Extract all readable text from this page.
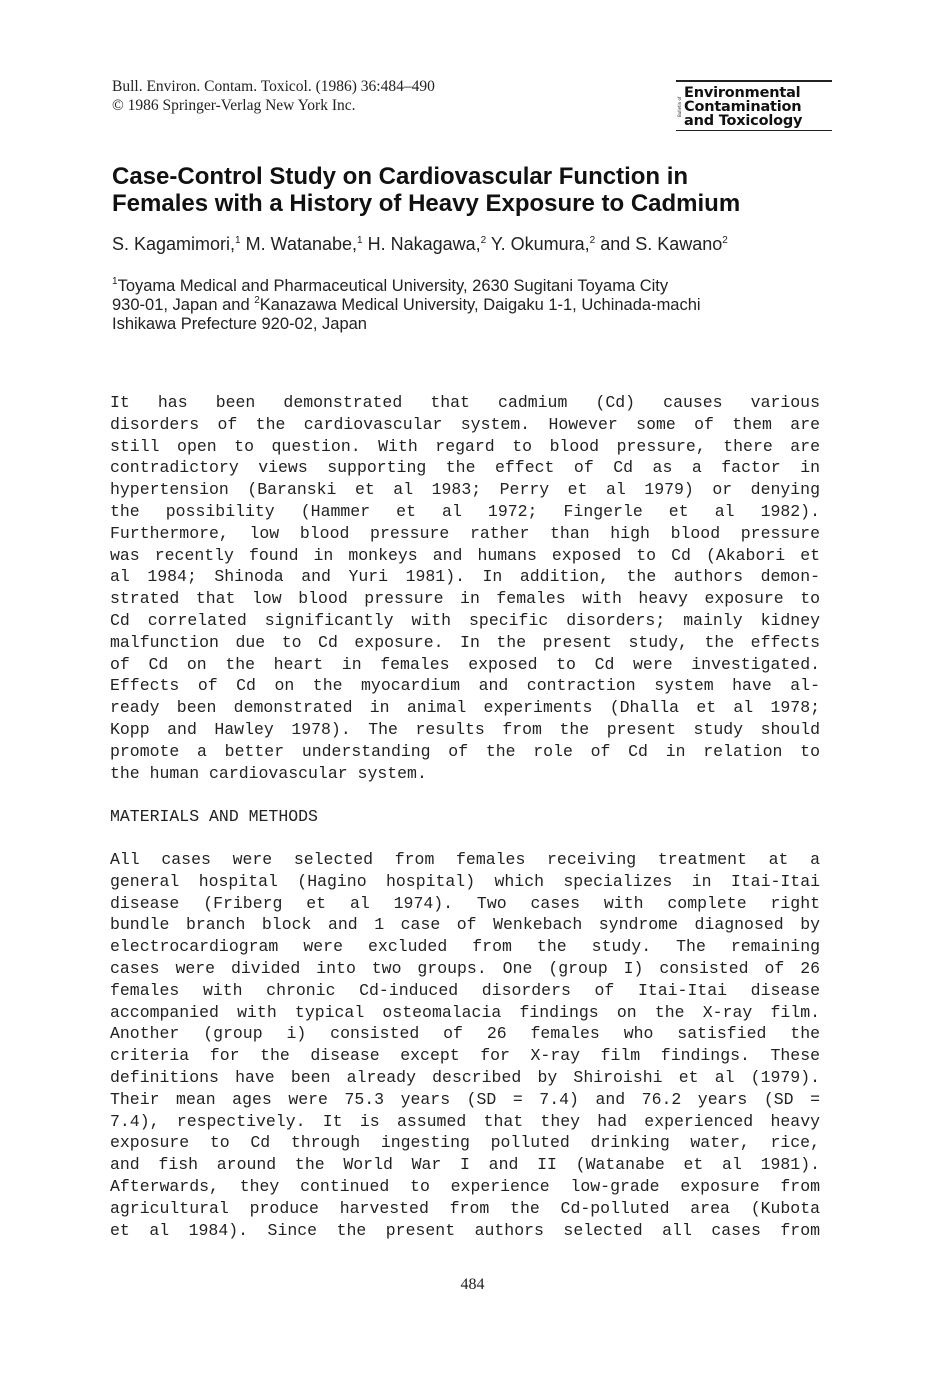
Bull. Environ. Contam. Toxicol. (1986) 36:484–490
© 1986 Springer-Verlag New York Inc.	Bulletin of
Environmental
Contamination
and Toxicology
Case-Control Study on Cardiovascular Function in
Females with a History of Heavy Exposure to Cadmium
S. Kagamimori,$^1$ M. Watanabe,$^1$ H. Nakagawa,$^2$ Y. Okumura,$^2$ and S. Kawano$^2$
$^1$Toyama Medical and Pharmaceutical University, 2630 Sugitani Toyama City
930-01, Japan and $^2$Kanazawa Medical University, Daigaku 1-1, Uchinada-machi
Ishikawa Prefecture 920-02, Japan
It has been demonstrated that cadmium (Cd) causes various
disorders of the cardiovascular system. However some of them are
still open to question. With regard to blood pressure, there are
contradictory views supporting the effect of Cd as a factor in
hypertension (Baranski et al 1983; Perry et al 1979) or denying
the possibility (Hammer et al 1972; Fingerle et al 1982).
Furthermore, low blood pressure rather than high blood pressure
was recently found in monkeys and humans exposed to Cd (Akabori et
al 1984; Shinoda and Yuri 1981). In addition, the authors demon-
strated that low blood pressure in females with heavy exposure to
Cd correlated significantly with specific disorders; mainly kidney
malfunction due to Cd exposure. In the present study, the effects
of Cd on the heart in females exposed to Cd were investigated.
Effects of Cd on the myocardium and contraction system have al-
ready been demonstrated in animal experiments (Dhalla et al 1978;
Kopp and Hawley 1978). The results from the present study should
promote a better understanding of the role of Cd in relation to
the human cardiovascular system.
MATERIALS AND METHODS
All cases were selected from females receiving treatment at a
general hospital (Hagino hospital) which specializes in Itai-Itai
disease (Friberg et al 1974). Two cases with complete right
bundle branch block and 1 case of Wenkebach syndrome diagnosed by
electrocardiogram were excluded from the study. The remaining
cases were divided into two groups. One (group I) consisted of 26
females with chronic Cd-induced disorders of Itai-Itai disease
accompanied with typical osteomalacia findings on the X-ray film.
Another (group i) consisted of 26 females who satisfied the
criteria for the disease except for X-ray film findings. These
definitions have been already described by Shiroishi et al (1979).
Their mean ages were 75.3 years (SD = 7.4) and 76.2 years (SD =
7.4), respectively. It is assumed that they had experienced heavy
exposure to Cd through ingesting polluted drinking water, rice,
and fish around the World War I and II (Watanabe et al 1981).
Afterwards, they continued to experience low-grade exposure from
agricultural produce harvested from the Cd-polluted area (Kubota
et al 1984). Since the present authors selected all cases from
484
